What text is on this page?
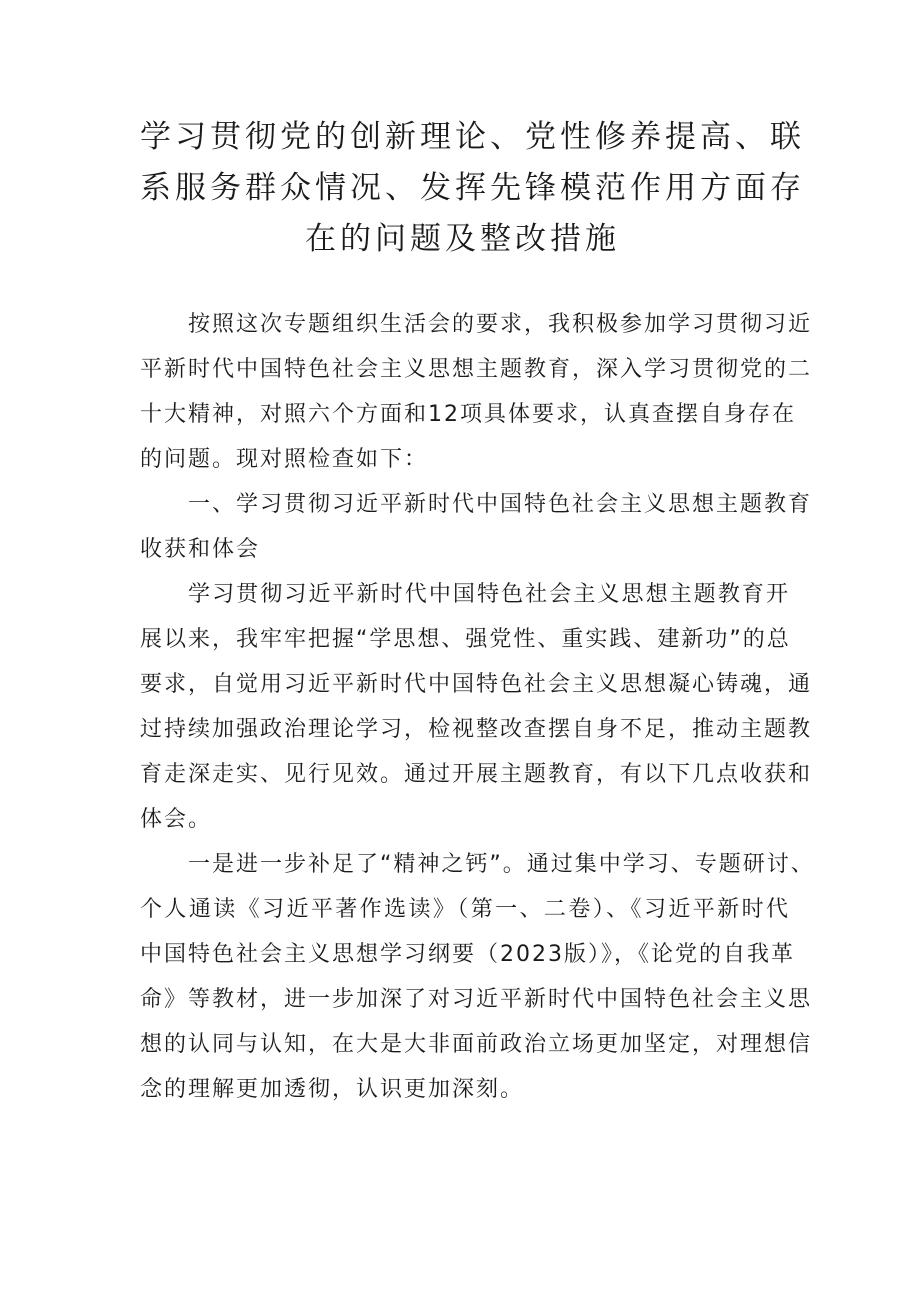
学习贯彻党的创新理论、党性修养提高、联
系服务群众情况、发挥先锋模范作用方面存
在的问题及整改措施

按照这次专题组织生活会的要求，我积极参加学习贯彻习近
平新时代中国特色社会主义思想主题教育，深入学习贯彻党的二
十大精神，对照六个方面和12项具体要求，认真查摆自身存在
的问题。现对照检查如下：

一、学习贯彻习近平新时代中国特色社会主义思想主题教育
收获和体会

学习贯彻习近平新时代中国特色社会主义思想主题教育开
展以来，我牢牢把握“学思想、强党性、重实践、建新功”的总
要求，自觉用习近平新时代中国特色社会主义思想凝心铸魂，通
过持续加强政治理论学习，检视整改查摆自身不足，推动主题教
育走深走实、见行见效。通过开展主题教育，有以下几点收获和
体会。

一是进一步补足了“精神之钙”。通过集中学习、专题研讨、
个人通读《习近平著作选读》（第一、二卷）、《习近平新时代
中国特色社会主义思想学习纲要（2023版）》，《论党的自我革
命》等教材，进一步加深了对习近平新时代中国特色社会主义思
想的认同与认知，在大是大非面前政治立场更加坚定，对理想信
念的理解更加透彻，认识更加深刻。
